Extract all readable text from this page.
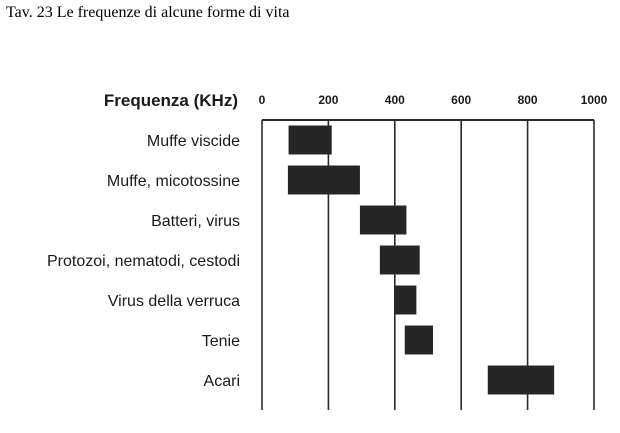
Tav. 23 Le frequenze di alcune forme di vita
Frequenza (KHz) 0	200	400	600	800	1000
Muffe viscide
Muffe, micotossine
Batteri, virus
Protozoi, nematodi, cestodi
Virus della verruca
Tenie
Acari
